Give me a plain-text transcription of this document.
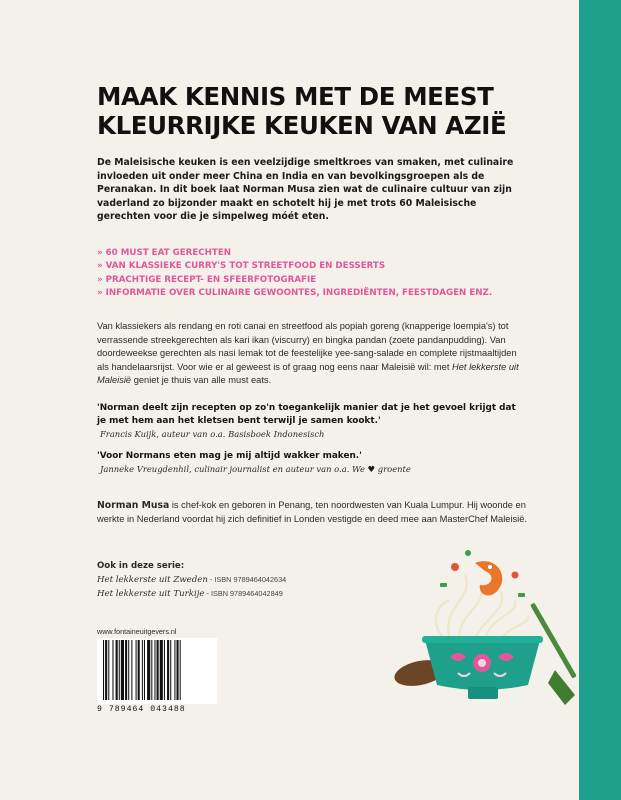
MAAK KENNIS MET DE MEEST
KLEURRIJKE KEUKEN VAN AZIË

De Maleisische keuken is een veelzijdige smeltkroes van smaken, met culinaire invloeden uit onder meer China en India en van bevolkingsgroepen als de Peranakan. In dit boek laat Norman Musa zien wat de culinaire cultuur van zijn vaderland zo bijzonder maakt en schotelt hij je met trots 60 Maleisische gerechten voor die je simpelweg móét eten.

» 60 MUST EAT GERECHTEN
» VAN KLASSIEKE CURRY'S TOT STREETFOOD EN DESSERTS
» PRACHTIGE RECEPT- EN SFEERFOTOGRAFIE
» INFORMATIE OVER CULINAIRE GEWOONTES, INGREDIËNTEN, FEESTDAGEN ENZ.

Van klassiekers als rendang en roti canai en streetfood als popiah goreng (knapperige loempia's) tot verrassende streekgerechten als kari ikan (viscurry) en bingka pandan (zoete pandanpudding). Van doordeweekse gerechten als nasi lemak tot de feestelijke yee-sang-salade en complete rijstmaaltijden als handelaarsrijst. Voor wie er al geweest is of graag nog eens naar Maleisië wil: met Het lekkerste uit Maleisië geniet je thuis van alle must eats.

'Norman deelt zijn recepten op zo'n toegankelijk manier dat je het gevoel krijgt dat je met hem aan het kletsen bent terwijl je samen kookt.'
Francis Kuijk, auteur van o.a. Basisboek Indonesisch
'Voor Normans eten mag je mij altijd wakker maken.'
Janneke Vreugdenhil, culinair journalist en auteur van o.a. We ♥ groente

Norman Musa is chef-kok en geboren in Penang, ten noordwesten van Kuala Lumpur. Hij woonde en werkte in Nederland voordat hij zich definitief in Londen vestigde en deed mee aan MasterChef Maleisië.

Ook in deze serie:
Het lekkerste uit Zweden - ISBN 9789464042634
Het lekkerste uit Turkije - ISBN 9789464042849
www.fontaineuitgevers.nl
9 789464 043488
